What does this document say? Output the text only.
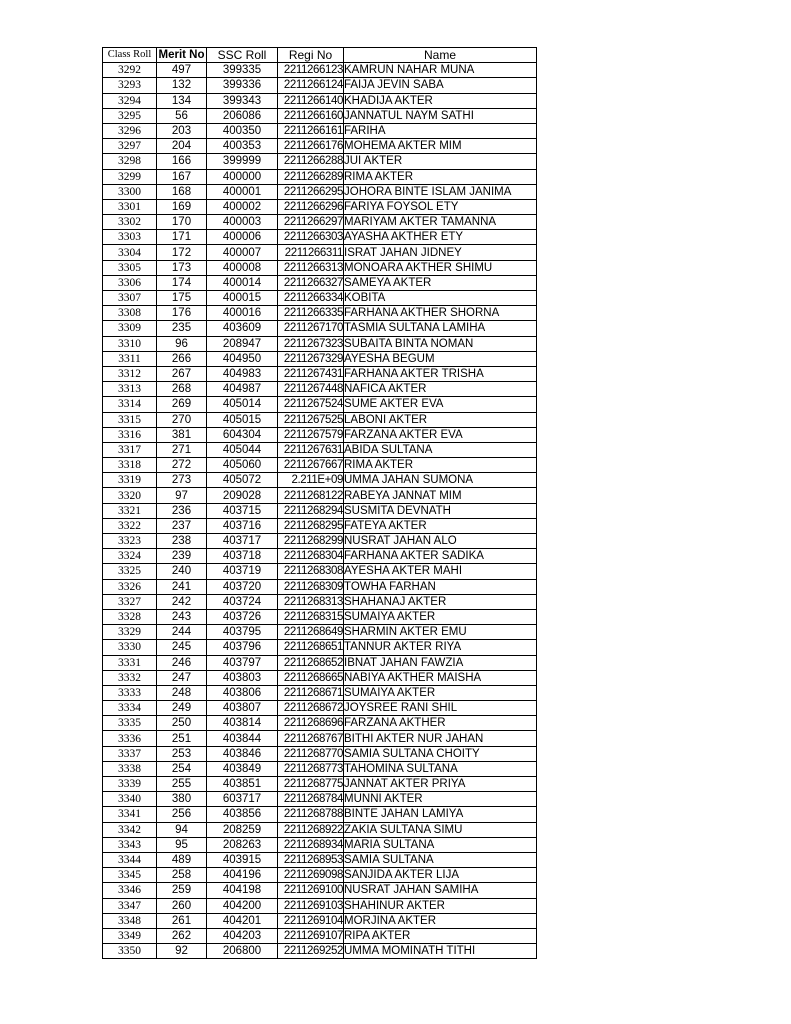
Class Roll	Merit No	SSC Roll	Regi No	Name
3292	497	399335	2211266123	KAMRUN NAHAR MUNA
3293	132	399336	2211266124	FAIJA JEVIN SABA
3294	134	399343	2211266140	KHADIJA AKTER
3295	56	206086	2211266160	JANNATUL NAYM SATHI
3296	203	400350	2211266161	FARIHA
3297	204	400353	2211266176	MOHEMA AKTER MIM
3298	166	399999	2211266288	JUI AKTER
3299	167	400000	2211266289	RIMA AKTER
3300	168	400001	2211266295	JOHORA BINTE ISLAM JANIMA
3301	169	400002	2211266296	FARIYA FOYSOL ETY
3302	170	400003	2211266297	MARIYAM AKTER TAMANNA
3303	171	400006	2211266303	AYASHA AKTHER ETY
3304	172	400007	2211266311	ISRAT JAHAN JIDNEY
3305	173	400008	2211266313	MONOARA AKTHER SHIMU
3306	174	400014	2211266327	SAMEYA AKTER
3307	175	400015	2211266334	KOBITA
3308	176	400016	2211266335	FARHANA AKTHER SHORNA
3309	235	403609	2211267170	TASMIA SULTANA LAMIHA
3310	96	208947	2211267323	SUBAITA BINTA NOMAN
3311	266	404950	2211267329	AYESHA BEGUM
3312	267	404983	2211267431	FARHANA AKTER TRISHA
3313	268	404987	2211267448	NAFICA AKTER
3314	269	405014	2211267524	SUME AKTER EVA
3315	270	405015	2211267525	LABONI AKTER
3316	381	604304	2211267579	FARZANA AKTER EVA
3317	271	405044	2211267631	ABIDA SULTANA
3318	272	405060	2211267667	RIMA AKTER
3319	273	405072	2.211E+09	UMMA JAHAN SUMONA
3320	97	209028	2211268122	RABEYA JANNAT MIM
3321	236	403715	2211268294	SUSMITA DEVNATH
3322	237	403716	2211268295	FATEYA AKTER
3323	238	403717	2211268299	NUSRAT JAHAN ALO
3324	239	403718	2211268304	FARHANA AKTER SADIKA
3325	240	403719	2211268308	AYESHA AKTER MAHI
3326	241	403720	2211268309	TOWHA FARHAN
3327	242	403724	2211268313	SHAHANAJ AKTER
3328	243	403726	2211268315	SUMAIYA AKTER
3329	244	403795	2211268649	SHARMIN AKTER EMU
3330	245	403796	2211268651	TANNUR AKTER RIYA
3331	246	403797	2211268652	IBNAT JAHAN FAWZIA
3332	247	403803	2211268665	NABIYA AKTHER MAISHA
3333	248	403806	2211268671	SUMAIYA AKTER
3334	249	403807	2211268672	JOYSREE RANI SHIL
3335	250	403814	2211268696	FARZANA AKTHER
3336	251	403844	2211268767	BITHI AKTER NUR JAHAN
3337	253	403846	2211268770	SAMIA SULTANA CHOITY
3338	254	403849	2211268773	TAHOMINA SULTANA
3339	255	403851	2211268775	JANNAT AKTER PRIYA
3340	380	603717	2211268784	MUNNI AKTER
3341	256	403856	2211268788	BINTE JAHAN LAMIYA
3342	94	208259	2211268922	ZAKIA SULTANA SIMU
3343	95	208263	2211268934	MARIA SULTANA
3344	489	403915	2211268953	SAMIA SULTANA
3345	258	404196	2211269098	SANJIDA AKTER LIJA
3346	259	404198	2211269100	NUSRAT JAHAN SAMIHA
3347	260	404200	2211269103	SHAHINUR AKTER
3348	261	404201	2211269104	MORJINA AKTER
3349	262	404203	2211269107	RIPA AKTER
3350	92	206800	2211269252	UMMA MOMINATH TITHI
